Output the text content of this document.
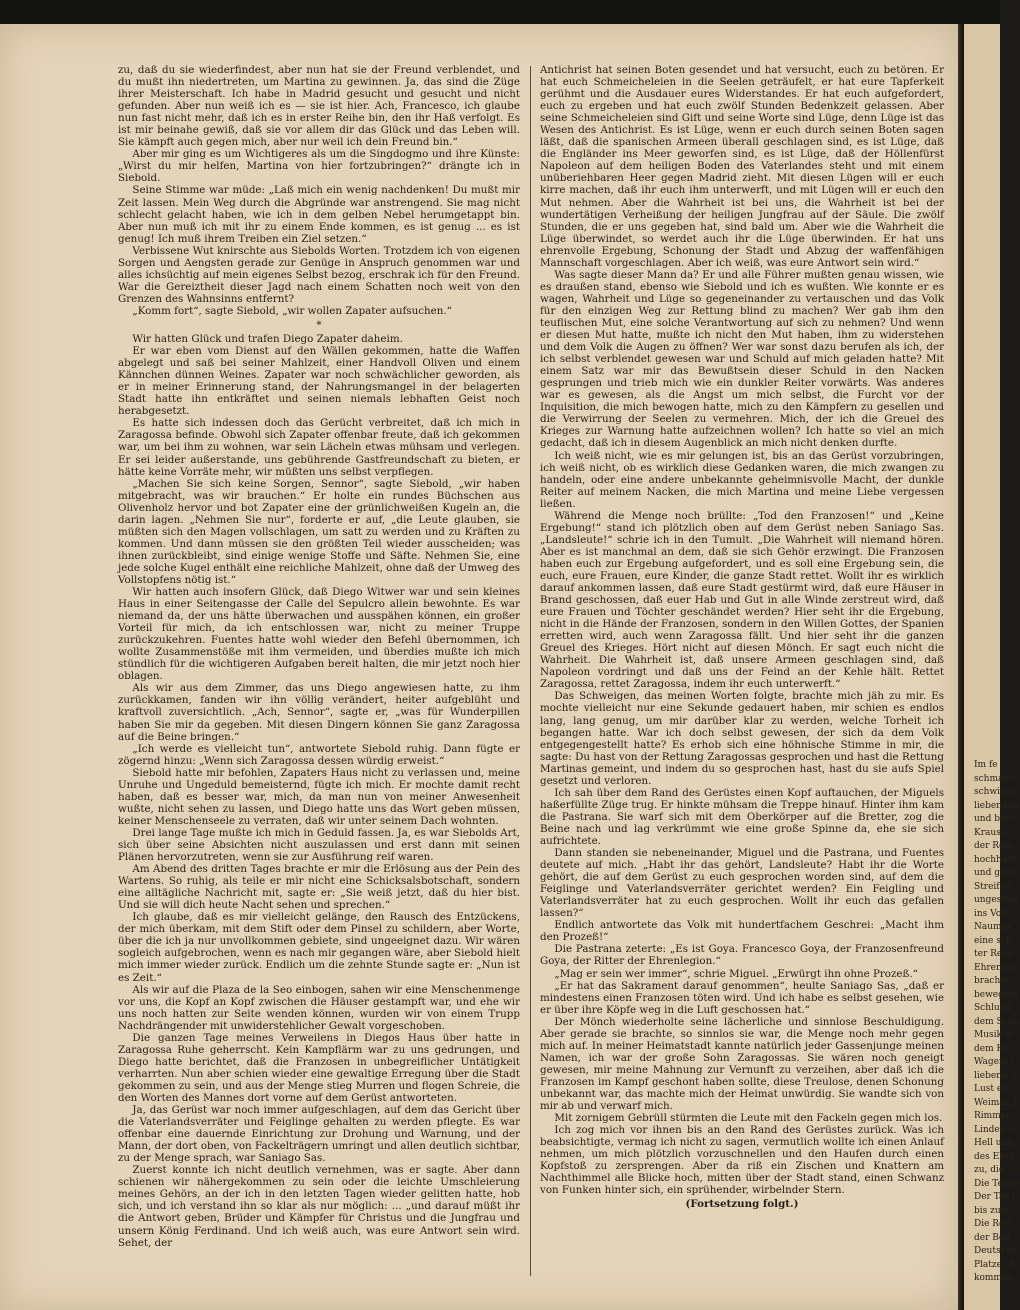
zu, daß du sie wiederfindest, aber nun hat sie der Freund verblendet, und du mußt ihn niedertreten, um Martina zu gewinnen. Ja, das sind die Züge ihrer Meisterschaft. Ich habe in Madrid gesucht und gesucht und nicht gefunden. Aber nun weiß ich es — sie ist hier. Ach, Francesco, ich glaube nun fast nicht mehr, daß ich es in erster Reihe bin, den ihr Haß verfolgt. Es ist mir beinahe gewiß, daß sie vor allem dir das Glück und das Leben will. Sie kämpft auch gegen mich, aber nur weil ich dein Freund bin.“

Aber mir ging es um Wichtigeres als um die Singdogmo und ihre Künste: „Wirst du mir helfen, Martina von hier fortzubringen?“ drängte ich in Siebold.

Seine Stimme war müde: „Laß mich ein wenig nachdenken! Du mußt mir Zeit lassen. Mein Weg durch die Abgründe war anstrengend. Sie mag nicht schlecht gelacht haben, wie ich in dem gelben Nebel herumgetappt bin. Aber nun muß ich mit ihr zu einem Ende kommen, es ist genug ... es ist genug! Ich muß ihrem Treiben ein Ziel setzen.“

Verbissene Wut knirschte aus Siebolds Worten. Trotzdem ich von eigenen Sorgen und Aengsten gerade zur Genüge in Anspruch genommen war und alles ichsüchtig auf mein eigenes Selbst bezog, erschrak ich für den Freund. War die Gereiztheit dieser Jagd nach einem Schatten noch weit von den Grenzen des Wahnsinns entfernt?

„Komm fort“, sagte Siebold, „wir wollen Zapater aufsuchen.“

*

Wir hatten Glück und trafen Diego Zapater daheim.

Er war eben vom Dienst auf den Wällen gekommen, hatte die Waffen abgelegt und saß bei seiner Mahlzeit, einer Handvoll Oliven und einem Kännchen dünnen Weines. Zapater war noch schwächlicher geworden, als er in meiner Erinnerung stand, der Nahrungsmangel in der belagerten Stadt hatte ihn entkräftet und seinen niemals lebhaften Geist noch herabgesetzt.

Es hatte sich indessen doch das Gerücht verbreitet, daß ich mich in Zaragossa befinde. Obwohl sich Zapater offenbar freute, daß ich gekommen war, um bei ihm zu wohnen, war sein Lächeln etwas mühsam und verlegen. Er sei leider außerstande, uns gebührende Gastfreundschaft zu bieten, er hätte keine Vorräte mehr, wir müßten uns selbst verpflegen.

„Machen Sie sich keine Sorgen, Sennor“, sagte Siebold, „wir haben mitgebracht, was wir brauchen.“ Er holte ein rundes Büchschen aus Olivenholz hervor und bot Zapater eine der grünlichweißen Kugeln an, die darin lagen. „Nehmen Sie nur“, forderte er auf, „die Leute glauben, sie müßten sich den Magen vollschlagen, um satt zu werden und zu Kräften zu kommen. Und dann müssen sie den größten Teil wieder ausscheiden; was ihnen zurückbleibt, sind einige wenige Stoffe und Säfte. Nehmen Sie, eine jede solche Kugel enthält eine reichliche Mahlzeit, ohne daß der Umweg des Vollstopfens nötig ist.“

Wir hatten auch insofern Glück, daß Diego Witwer war und sein kleines Haus in einer Seitengasse der Calle del Sepulcro allein bewohnte. Es war niemand da, der uns hätte überwachen und ausspähen können, ein großer Vorteil für mich, da ich entschlossen war, nicht zu meiner Truppe zurückzukehren. Fuentes hatte wohl wieder den Befehl übernommen, ich wollte Zusammenstöße mit ihm vermeiden, und überdies mußte ich mich stündlich für die wichtigeren Aufgaben bereit halten, die mir jetzt noch hier oblagen.

Als wir aus dem Zimmer, das uns Diego angewiesen hatte, zu ihm zurückkamen, fanden wir ihn völlig verändert, heiter aufgeblüht und kraftvoll zuversichtlich. „Ach, Sennor“, sagte er, „was für Wunderpillen haben Sie mir da gegeben. Mit diesen Dingern können Sie ganz Zaragossa auf die Beine bringen.“

„Ich werde es vielleicht tun“, antwortete Siebold ruhig. Dann fügte er zögernd hinzu: „Wenn sich Zaragossa dessen würdig erweist.“

Siebold hatte mir befohlen, Zapaters Haus nicht zu verlassen und, meine Unruhe und Ungeduld bemeisternd, fügte ich mich. Er mochte damit recht haben, daß es besser war, mich, da man nun von meiner Anwesenheit wußte, nicht sehen zu lassen, und Diego hatte uns das Wort geben müssen, keiner Menschenseele zu verraten, daß wir unter seinem Dach wohnten.

Drei lange Tage mußte ich mich in Geduld fassen. Ja, es war Siebolds Art, sich über seine Absichten nicht auszulassen und erst dann mit seinen Plänen hervorzutreten, wenn sie zur Ausführung reif waren.

Am Abend des dritten Tages brachte er mir die Erlösung aus der Pein des Wartens. So ruhig, als teile er mir nicht eine Schicksalsbotschaft, sondern eine alltägliche Nachricht mit, sagte er: „Sie weiß jetzt, daß du hier bist. Und sie will dich heute Nacht sehen und sprechen.“

Ich glaube, daß es mir vielleicht gelänge, den Rausch des Entzückens, der mich überkam, mit dem Stift oder dem Pinsel zu schildern, aber Worte, über die ich ja nur unvollkommen gebiete, sind ungeeignet dazu. Wir wären sogleich aufgebrochen, wenn es nach mir gegangen wäre, aber Siebold hielt mich immer wieder zurück. Endlich um die zehnte Stunde sagte er: „Nun ist es Zeit.“

Als wir auf die Plaza de la Seo einbogen, sahen wir eine Menschenmenge vor uns, die Kopf an Kopf zwischen die Häuser gestampft war, und ehe wir uns noch hatten zur Seite wenden können, wurden wir von einem Trupp Nachdrängender mit unwiderstehlicher Gewalt vorgeschoben.

Die ganzen Tage meines Verweilens in Diegos Haus über hatte in Zaragossa Ruhe geherrscht. Kein Kampflärm war zu uns gedrungen, und Diego hatte berichtet, daß die Franzosen in unbegreiflicher Untätigkeit verharrten. Nun aber schien wieder eine gewaltige Erregung über die Stadt gekommen zu sein, und aus der Menge stieg Murren und flogen Schreie, die den Worten des Mannes dort vorne auf dem Gerüst antworteten.

Ja, das Gerüst war noch immer aufgeschlagen, auf dem das Gericht über die Vaterlandsverräter und Feiglinge gehalten zu werden pflegte. Es war offenbar eine dauernde Einrichtung zur Drohung und Warnung, und der Mann, der dort oben, von Fackelträgern umringt und allen deutlich sichtbar, zu der Menge sprach, war Saniago Sas.

Zuerst konnte ich nicht deutlich vernehmen, was er sagte. Aber dann schienen wir nähergekommen zu sein oder die leichte Umschleierung meines Gehörs, an der ich in den letzten Tagen wieder gelitten hatte, hob sich, und ich verstand ihn so klar als nur möglich: ... „und darauf müßt ihr die Antwort geben, Brüder und Kämpfer für Christus und die Jungfrau und unsern König Ferdinand. Und ich weiß auch, was eure Antwort sein wird. Sehet, der

Antichrist hat seinen Boten gesendet und hat versucht, euch zu betören. Er hat euch Schmeicheleien in die Seelen geträufelt, er hat eure Tapferkeit gerühmt und die Ausdauer eures Widerstandes. Er hat euch aufgefordert, euch zu ergeben und hat euch zwölf Stunden Bedenkzeit gelassen. Aber seine Schmeicheleien sind Gift und seine Worte sind Lüge, denn Lüge ist das Wesen des Antichrist. Es ist Lüge, wenn er euch durch seinen Boten sagen läßt, daß die spanischen Armeen überall geschlagen sind, es ist Lüge, daß die Engländer ins Meer geworfen sind, es ist Lüge, daß der Höllenfürst Napoleon auf dem heiligen Boden des Vaterlandes steht und mit einem unüberiehbaren Heer gegen Madrid zieht. Mit diesen Lügen will er euch kirre machen, daß ihr euch ihm unterwerft, und mit Lügen will er euch den Mut nehmen. Aber die Wahrheit ist bei uns, die Wahrheit ist bei der wundertätigen Verheißung der heiligen Jungfrau auf der Säule. Die zwölf Stunden, die er uns gegeben hat, sind bald um. Aber wie die Wahrheit die Lüge überwindet, so werdet auch ihr die Lüge überwinden. Er hat uns ehrenvolle Ergebung, Schonung der Stadt und Abzug der waffenfähigen Mannschaft vorgeschlagen. Aber ich weiß, was eure Antwort sein wird.“

Was sagte dieser Mann da? Er und alle Führer mußten genau wissen, wie es draußen stand, ebenso wie Siebold und ich es wußten. Wie konnte er es wagen, Wahrheit und Lüge so gegeneinander zu vertauschen und das Volk für den einzigen Weg zur Rettung blind zu machen? Wer gab ihm den teuflischen Mut, eine solche Verantwortung auf sich zu nehmen? Und wenn er diesen Mut hatte, mußte ich nicht den Mut haben, ihm zu widerstehen und dem Volk die Augen zu öffnen? Wer war sonst dazu berufen als ich, der ich selbst verblendet gewesen war und Schuld auf mich geladen hatte? Mit einem Satz war mir das Bewußtsein dieser Schuld in den Nacken gesprungen und trieb mich wie ein dunkler Reiter vorwärts. Was anderes war es gewesen, als die Angst um mich selbst, die Furcht vor der Inquisition, die mich bewogen hatte, mich zu den Kämpfern zu gesellen und die Verwirrung der Seelen zu vermehren. Mich, der ich die Greuel des Krieges zur Warnung hatte aufzeichnen wollen? Ich hatte so viel an mich gedacht, daß ich in diesem Augenblick an mich nicht denken durfte.

Ich weiß nicht, wie es mir gelungen ist, bis an das Gerüst vorzubringen, ich weiß nicht, ob es wirklich diese Gedanken waren, die mich zwangen zu handeln, oder eine andere unbekannte geheimnisvolle Macht, der dunkle Reiter auf meinem Nacken, die mich Martina und meine Liebe vergessen ließen.

Während die Menge noch brüllte: „Tod den Franzosen!“ und „Keine Ergebung!“ stand ich plötzlich oben auf dem Gerüst neben Saniago Sas. „Landsleute!“ schrie ich in den Tumult. „Die Wahrheit will niemand hören. Aber es ist manchmal an dem, daß sie sich Gehör erzwingt. Die Franzosen haben euch zur Ergebung aufgefordert, und es soll eine Ergebung sein, die euch, eure Frauen, eure Kinder, die ganze Stadt rettet. Wollt ihr es wirklich darauf ankommen lassen, daß eure Stadt gestürmt wird, daß eure Häuser in Brand geschossen, daß euer Hab und Gut in alle Winde zerstreut wird, daß eure Frauen und Töchter geschändet werden? Hier seht ihr die Ergebung, nicht in die Hände der Franzosen, sondern in den Willen Gottes, der Spanien erretten wird, auch wenn Zaragossa fällt. Und hier seht ihr die ganzen Greuel des Krieges. Hört nicht auf diesen Mönch. Er sagt euch nicht die Wahrheit. Die Wahrheit ist, daß unsere Armeen geschlagen sind, daß Napoleon vordringt und daß uns der Feind an der Kehle hält. Rettet Zaragossa, rettet Zaragossa, indem ihr euch unterwerft.“

Das Schweigen, das meinen Worten folgte, brachte mich jäh zu mir. Es mochte vielleicht nur eine Sekunde gedauert haben, mir schien es endlos lang, lang genug, um mir darüber klar zu werden, welche Torheit ich begangen hatte. War ich doch selbst gewesen, der sich da dem Volk entgegengestellt hatte? Es erhob sich eine höhnische Stimme in mir, die sagte: Du hast von der Rettung Zaragossas gesprochen und hast die Rettung Martinas gemeint, und indem du so gesprochen hast, hast du sie aufs Spiel gesetzt und verloren.

Ich sah über dem Rand des Gerüstes einen Kopf auftauchen, der Miguels haßerfüllte Züge trug. Er hinkte mühsam die Treppe hinauf. Hinter ihm kam die Pastrana. Sie warf sich mit dem Oberkörper auf die Bretter, zog die Beine nach und lag verkrümmt wie eine große Spinne da, ehe sie sich aufrichtete.

Dann standen sie nebeneinander, Miguel und die Pastrana, und Fuentes deutete auf mich. „Habt ihr das gehört, Landsleute? Habt ihr die Worte gehört, die auf dem Gerüst zu euch gesprochen worden sind, auf dem die Feiglinge und Vaterlandsverräter gerichtet werden? Ein Feigling und Vaterlandsverräter hat zu euch gesprochen. Wollt ihr euch das gefallen lassen?“

Endlich antwortete das Volk mit hundertfachem Geschrei: „Macht ihm den Prozeß!“

Die Pastrana zeterte: „Es ist Goya. Francesco Goya, der Franzosenfreund Goya, der Ritter der Ehrenlegion.“

„Mag er sein wer immer“, schrie Miguel. „Erwürgt ihn ohne Prozeß.“

„Er hat das Sakrament darauf genommen“, heulte Saniago Sas, „daß er mindestens einen Franzosen töten wird. Und ich habe es selbst gesehen, wie er über ihre Köpfe weg in die Luft geschossen hat.“

Der Mönch wiederholte seine lächerliche und sinnlose Beschuldigung. Aber gerade sie brachte, so sinnlos sie war, die Menge noch mehr gegen mich auf. In meiner Heimatstadt kannte natürlich jeder Gassenjunge meinen Namen, ich war der große Sohn Zaragossas. Sie wären noch geneigt gewesen, mir meine Mahnung zur Vernunft zu verzeihen, aber daß ich die Franzosen im Kampf geschont haben sollte, diese Treulose, denen Schonung unbekannt war, das machte mich der Heimat unwürdig. Sie wandte sich von mir ab und verwarf mich.

Mit zornigem Gebrüll stürmten die Leute mit den Fackeln gegen mich los.

Ich zog mich vor ihnen bis an den Rand des Gerüstes zurück. Was ich beabsichtigte, vermag ich nicht zu sagen, vermutlich wollte ich einen Anlauf nehmen, um mich plötzlich vorzuschnellen und den Haufen durch einen Kopfstoß zu zersprengen. Aber da riß ein Zischen und Knattern am Nachthimmel alle Blicke hoch, mitten über der Stadt stand, einen Schwanz von Funken hinter sich, ein sprühender, wirbelnder Stern.

(Fortsetzung folgt.)

Im fe
schmaler
schwingt.
liebenden
und bräu
Krause (
der Reih
hochhalte
und golde
Streifen
ungestüm
ins Volk
Naumer
eine sch
ter Relie
Ehrensto
brachte
bewegten
Schlund
dem Scha
Musik di
dem Ho
Wagenre
liebend u
Lust ein
Weimar, i
Rimmer,
Linden ei
Hell und
des Ehrb
zu, die
Die Teilne
Der Tanz
bis zum
Die Reih
der Ben
Deutschla
Platze, d
kommen
